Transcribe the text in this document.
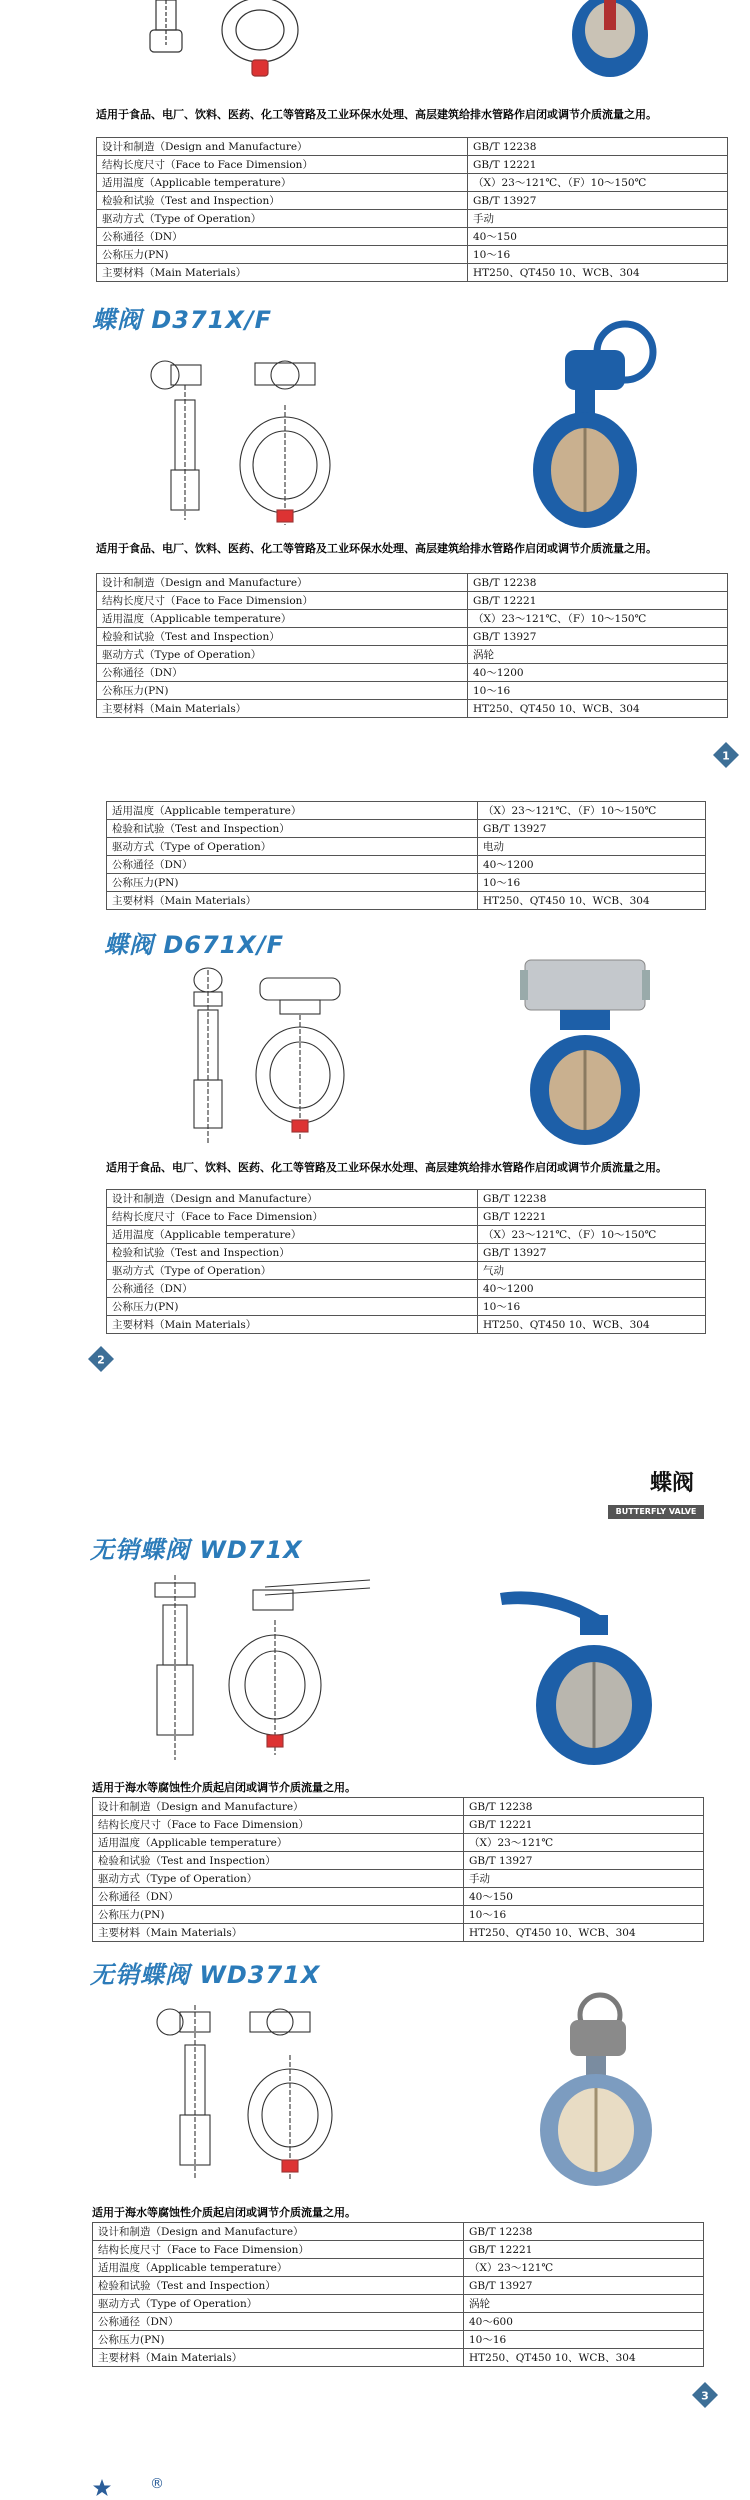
适用于食品、电厂、饮料、医药、化工等管路及工业环保水处理、高层建筑给排水管路作启闭或调节介质流量之用。
设计和制造（Design and Manufacture）	GB/T 12238
结构长度尺寸（Face to Face Dimension）	GB/T 12221
适用温度（Applicable temperature）	（X）23～121℃、（F）10～150℃
检验和试验（Test and Inspection）	GB/T 13927
驱动方式（Type of Operation）	手动
公称通径（DN）	40～150
公称压力(PN)	10～16
主要材料（Main Materials）	HT250、QT450 10、WCB、304
蝶阀 D371X/F
适用于食品、电厂、饮料、医药、化工等管路及工业环保水处理、高层建筑给排水管路作启闭或调节介质流量之用。
设计和制造（Design and Manufacture）	GB/T 12238
结构长度尺寸（Face to Face Dimension）	GB/T 12221
适用温度（Applicable temperature）	（X）23～121℃、（F）10～150℃
检验和试验（Test and Inspection）	GB/T 13927
驱动方式（Type of Operation）	涡轮
公称通径（DN）	40～1200
公称压力(PN)	10～16
主要材料（Main Materials）	HT250、QT450 10、WCB、304
1
适用温度（Applicable temperature）	（X）23～121℃、（F）10～150℃
检验和试验（Test and Inspection）	GB/T 13927
驱动方式（Type of Operation）	电动
公称通径（DN）	40～1200
公称压力(PN)	10～16
主要材料（Main Materials）	HT250、QT450 10、WCB、304
蝶阀 D671X/F
适用于食品、电厂、饮料、医药、化工等管路及工业环保水处理、高层建筑给排水管路作启闭或调节介质流量之用。
设计和制造（Design and Manufacture）	GB/T 12238
结构长度尺寸（Face to Face Dimension）	GB/T 12221
适用温度（Applicable temperature）	（X）23～121℃、（F）10～150℃
检验和试验（Test and Inspection）	GB/T 13927
驱动方式（Type of Operation）	气动
公称通径（DN）	40～1200
公称压力(PN)	10～16
主要材料（Main Materials）	HT250、QT450 10、WCB、304
2
蝶阀
BUTTERFLY VALVE
无销蝶阀 WD71X
适用于海水等腐蚀性介质起启闭或调节介质流量之用。
设计和制造（Design and Manufacture）	GB/T 12238
结构长度尺寸（Face to Face Dimension）	GB/T 12221
适用温度（Applicable temperature）	（X）23～121℃
检验和试验（Test and Inspection）	GB/T 13927
驱动方式（Type of Operation）	手动
公称通径（DN）	40～150
公称压力(PN)	10～16
主要材料（Main Materials）	HT250、QT450 10、WCB、304
无销蝶阀 WD371X
适用于海水等腐蚀性介质起启闭或调节介质流量之用。
设计和制造（Design and Manufacture）	GB/T 12238
结构长度尺寸（Face to Face Dimension）	GB/T 12221
适用温度（Applicable temperature）	（X）23～121℃
检验和试验（Test and Inspection）	GB/T 13927
驱动方式（Type of Operation）	涡轮
公称通径（DN）	40～600
公称压力(PN)	10～16
主要材料（Main Materials）	HT250、QT450 10、WCB、304
3
®
